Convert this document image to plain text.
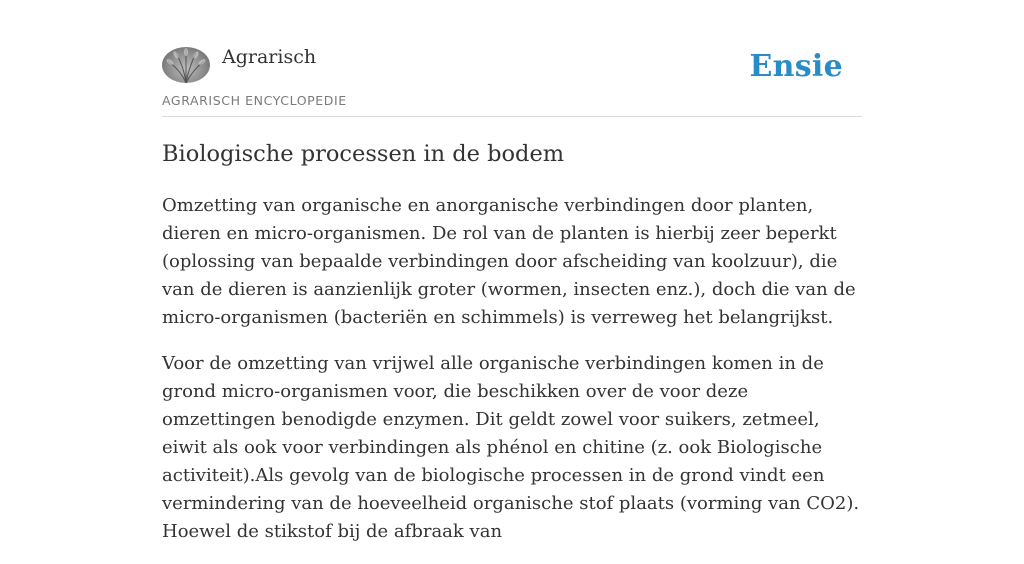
Agrarisch
AGRARISCH ENCYCLOPEDIE
Ensie
Biologische processen in de bodem

Omzetting van organische en anorganische verbindingen door planten, dieren en micro-organismen. De rol van de planten is hierbij zeer beperkt (oplossing van bepaalde verbindingen door afscheiding van koolzuur), die van de dieren is aanzienlijk groter (wormen, insecten enz.), doch die van de micro-organismen (bacteriën en schimmels) is verreweg het belangrijkst.

Voor de omzetting van vrijwel alle organische verbindingen komen in de grond micro-organismen voor, die beschikken over de voor deze omzettingen benodigde enzymen. Dit geldt zowel voor suikers, zetmeel, eiwit als ook voor verbindingen als phénol en chitine (z. ook Biologische activiteit).Als gevolg van de biologische processen in de grond vindt een vermindering van de hoeveelheid organische stof plaats (vorming van CO2). Hoewel de stikstof bij de afbraak van
